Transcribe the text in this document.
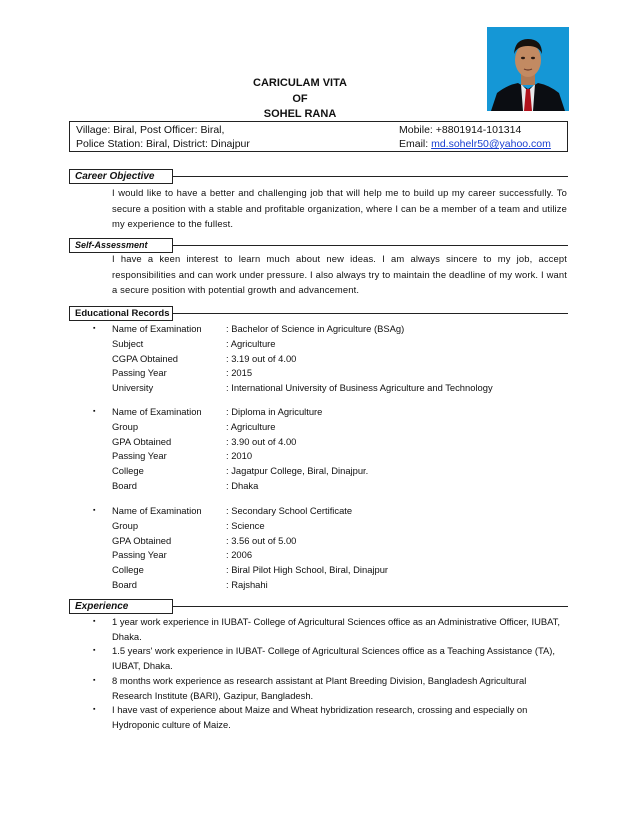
CARICULAM VITA
OF
SOHEL RANA
Village: Biral, Post Officer: Biral,	Mobile: +8801914-101314
Police Station: Biral, District: Dinajpur	Email: md.sohelr50@yahoo.com
Career Objective
I would like to have a better and challenging job that will help me to build up my career successfully. To secure a position with a stable and profitable organization, where I can be a member of a team and utilize my experience to the fullest.
Self-Assessment
I have a keen interest to learn much about new ideas. I am always sincere to my job, accept responsibilities and can work under pressure. I also always try to maintain the deadline of my work. I want a secure position with potential growth and advancement.
Educational Records
▪ Name of Examination	: Bachelor of Science in Agriculture (BSAg)
Subject	: Agriculture
CGPA Obtained	: 3.19 out of 4.00
Passing Year	: 2015
University	: International University of Business Agriculture and Technology
▪ Name of Examination	: Diploma in Agriculture
Group	: Agriculture
GPA Obtained	: 3.90 out of 4.00
Passing Year	: 2010
College	: Jagatpur College, Biral, Dinajpur.
Board	: Dhaka
▪ Name of Examination	: Secondary School Certificate
Group	: Science
GPA Obtained	: 3.56 out of 5.00
Passing Year	: 2006
College	: Biral Pilot High School, Biral, Dinajpur
Board	: Rajshahi
Experience
▪ 1 year work experience in IUBAT- College of Agricultural Sciences office as an Administrative Officer, IUBAT, Dhaka.
▪ 1.5 years' work experience in IUBAT- College of Agricultural Sciences office as a Teaching Assistance (TA), IUBAT, Dhaka.
▪ 8 months work experience as research assistant at Plant Breeding Division, Bangladesh Agricultural Research Institute (BARI), Gazipur, Bangladesh.
▪ I have vast of experience about Maize and Wheat hybridization research, crossing and especially on Hydroponic culture of Maize.
